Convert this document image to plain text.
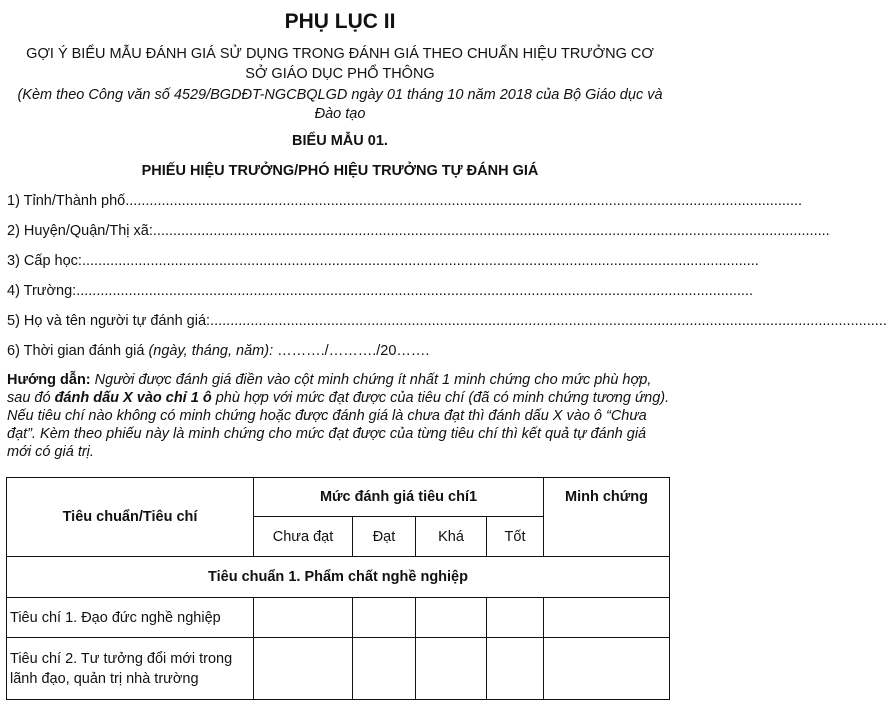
PHỤ LỤC II
GỢI Ý BIỂU MẪU ĐÁNH GIÁ SỬ DỤNG TRONG ĐÁNH GIÁ THEO CHUẨN HIỆU TRƯỞNG CƠ SỞ GIÁO DỤC PHỔ THÔNG
(Kèm theo Công văn số 4529/BGDĐT-NGCBQLGD ngày 01 tháng 10 năm 2018 của Bộ Giáo dục và Đào tạo
BIỂU MẪU 01.
PHIẾU HIỆU TRƯỞNG/PHÓ HIỆU TRƯỞNG TỰ ĐÁNH GIÁ
1) Tỉnh/Thành phố........................................................................................................................................................................
2) Huyện/Quận/Thị xã:........................................................................................................................................................................
3) Cấp học:........................................................................................................................................................................
4) Trường:........................................................................................................................................................................
5) Họ và tên người tự đánh giá:........................................................................................................................................................................
6) Thời gian đánh giá (ngày, tháng, năm): ………./………./20…….
Hướng dẫn: Người được đánh giá điền vào cột minh chứng ít nhất 1 minh chứng cho mức phù hợp, sau đó đánh dấu X vào chỉ 1 ô phù hợp với mức đạt được của tiêu chí (đã có minh chứng tương ứng). Nếu tiêu chí nào không có minh chứng hoặc được đánh giá là chưa đạt thì đánh dấu X vào ô “Chưa đạt”. Kèm theo phiếu này là minh chứng cho mức đạt được của từng tiêu chí thì kết quả tự đánh giá mới có giá trị.
Tiêu chuẩn/Tiêu chí	Mức đánh giá tiêu chí1				Minh chứng
	Chưa đạt	Đạt	Khá	Tốt	
Tiêu chuẩn 1. Phẩm chất nghề nghiệp					
Tiêu chí 1. Đạo đức nghề nghiệp					
Tiêu chí 2. Tư tưởng đổi mới trong lãnh đạo, quản trị nhà trường					
